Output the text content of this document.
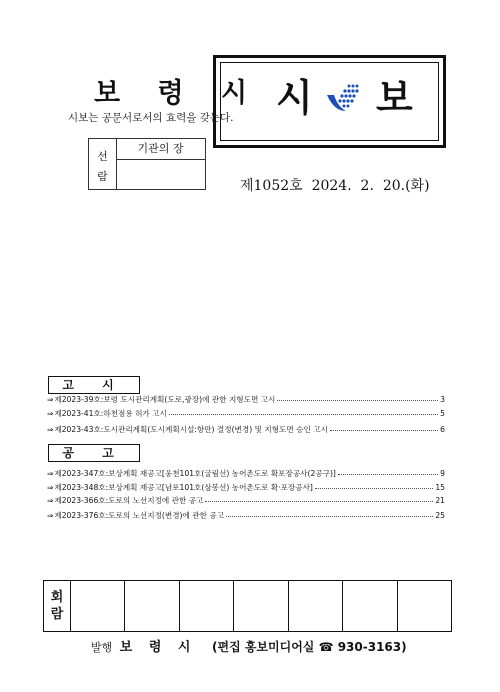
보 령 시
시보는 공문서로서의 효력을 갖는다. 시 보
선
람
기관의 장
제1052호  2024.  2.  20.(화)
고 시
⇒ 제2023-39호:보령 도시관리계획(도로,광장)에 관한 지형도면 고시	3
⇒ 제2023-41호:하천점용 허가 고시	5
⇒ 제2023-43호:도시관리계획(도시계획시설:항만) 결정(변경) 및 지형도면 승인 고시	6
공 고
⇒ 제2023-347호:보상계획 재공고[웅천101호(굴림선) 농어촌도로 확포장공사(2공구)]	9
⇒ 제2023-348호:보상계획 재공고[남포101호(삼봉선) 농어촌도로 확·포장공사]	15
⇒ 제2023-366호:도로의 노선지정에 관한 공고	21
⇒ 제2023-376호:도로의 노선지정(변경)에 관한 공고	25
회
람
발행 보 령 시 (편집 홍보미디어실 ☎ 930-3163)
